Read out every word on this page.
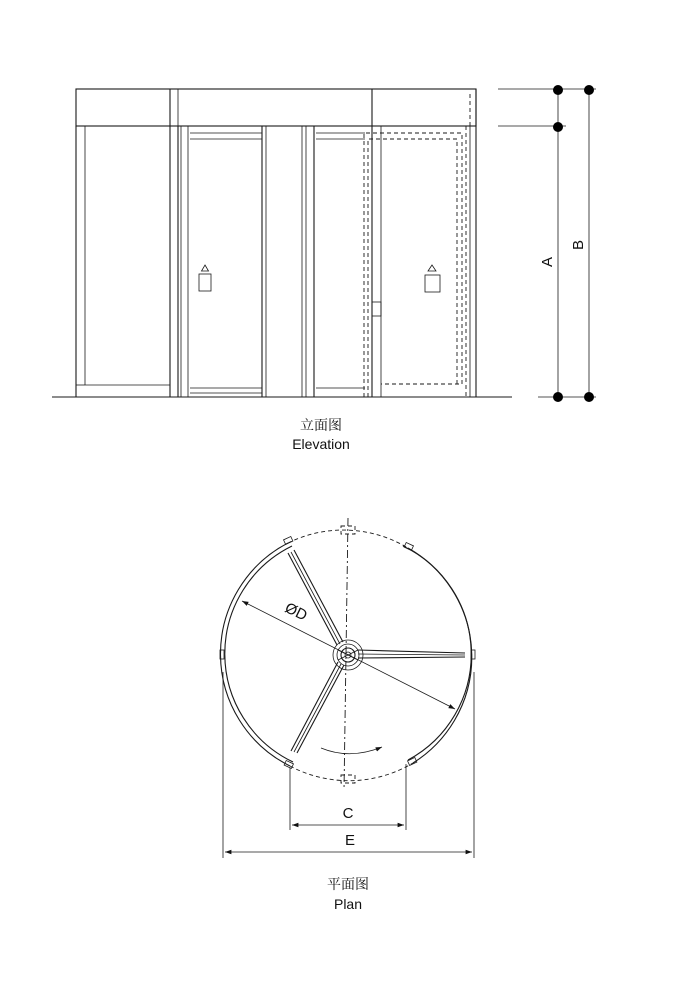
A
B
立面图
Elevation
ØD
C
E
平面图
Plan
